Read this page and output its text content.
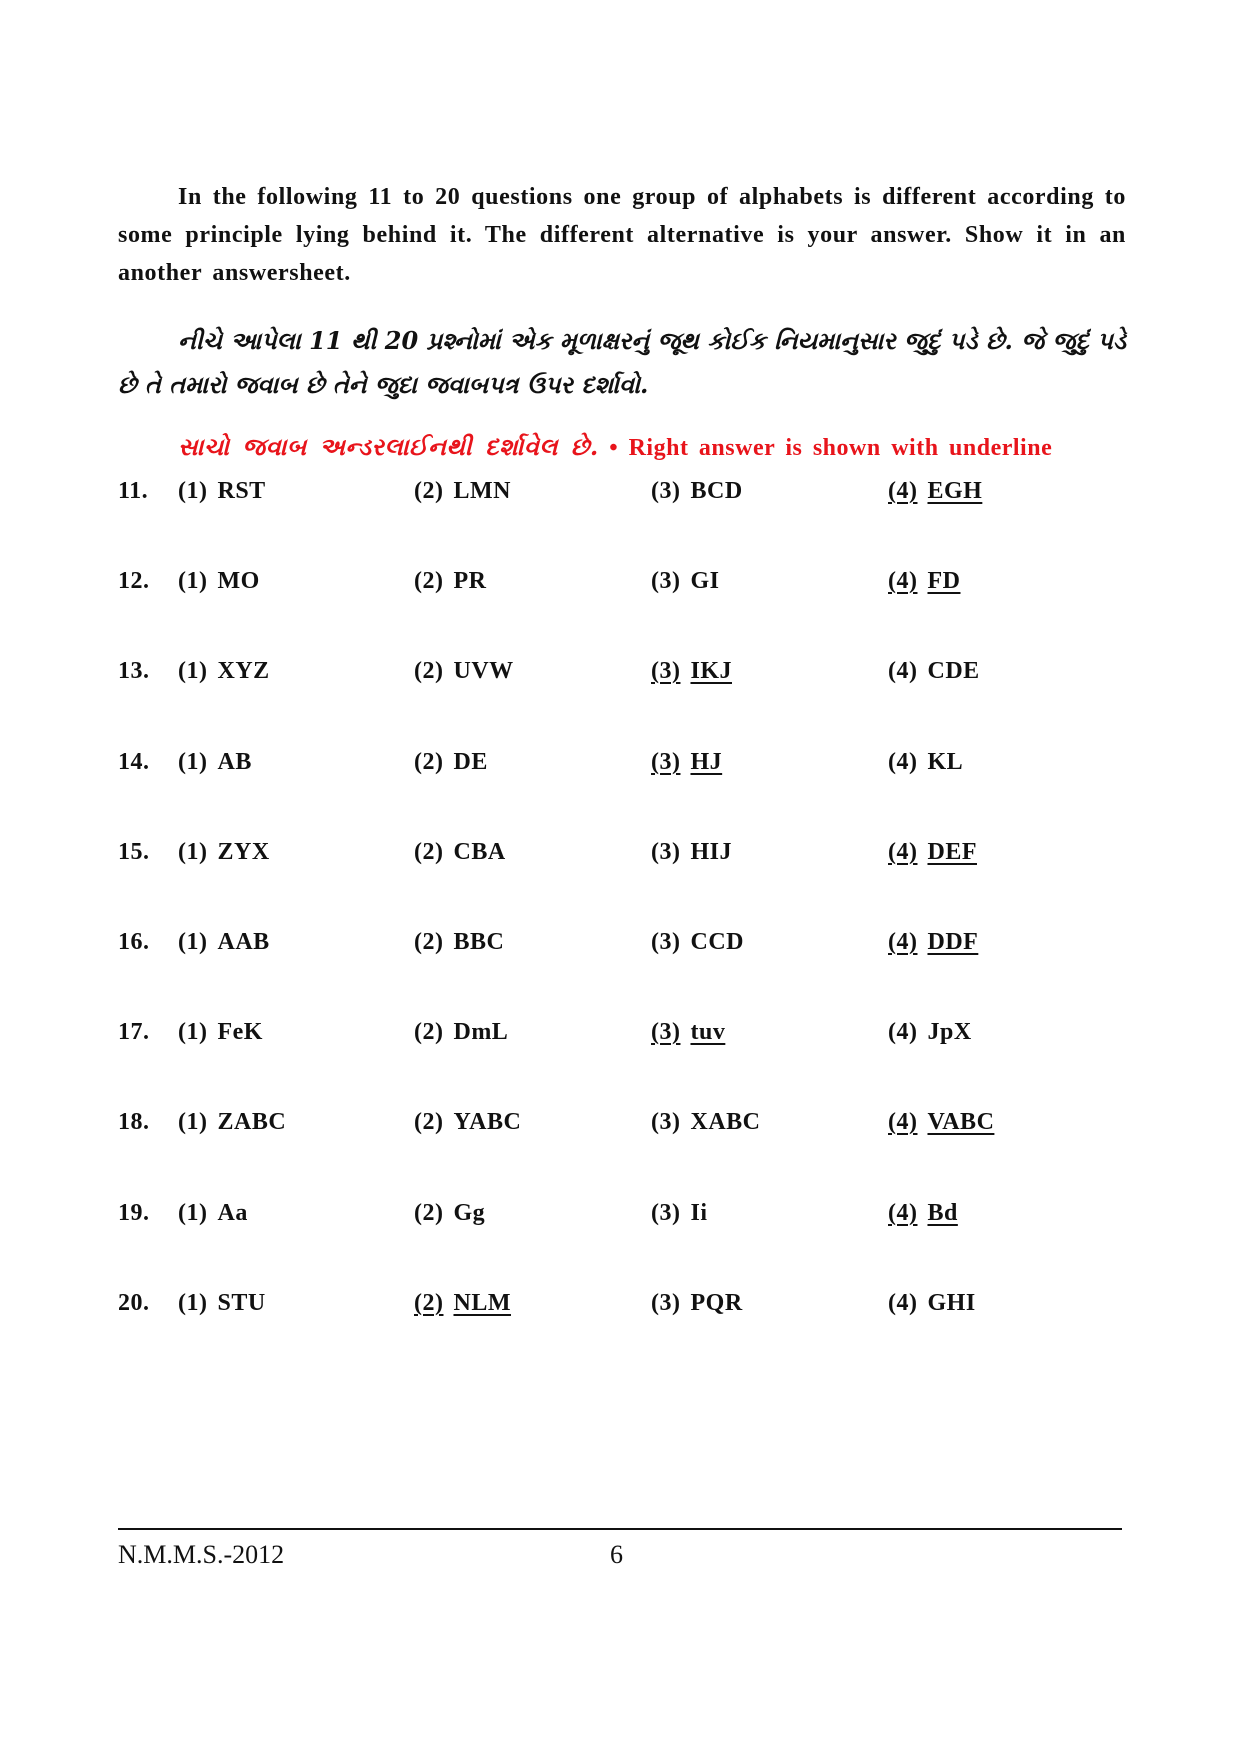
In the following 11 to 20 questions one group of alphabets is different according to some principle lying behind it. The different alternative is your answer. Show it in an another answersheet.

નીચે આપેલા 11 થી 20 પ્રશ્નોમાં એક મૂળાક્ષરનું જૂથ કોઈક નિયમાનુસાર જુદું પડે છે. જે જુદું પડે છે તે તમારો જવાબ છે તેને જુદા જવાબપત્ર ઉપર દર્શાવો.

સાચો જવાબ અન્ડરલાઈનથી દર્શાવેલ છે. • Right answer is shown with underline
11. (1) RST	(2) LMN	(3) BCD	(4) EGH
12. (1) MO	(2) PR	(3) GI	(4) FD
13. (1) XYZ	(2) UVW	(3) IKJ	(4) CDE
14. (1) AB	(2) DE	(3) HJ	(4) KL
15. (1) ZYX	(2) CBA	(3) HIJ	(4) DEF
16. (1) AAB	(2) BBC	(3) CCD	(4) DDF
17. (1) FeK	(2) DmL	(3) tuv	(4) JpX
18. (1) ZABC	(2) YABC	(3) XABC	(4) VABC
19. (1) Aa	(2) Gg	(3) Ii	(4) Bd
20. (1) STU	(2) NLM	(3) PQR	(4) GHI
N.M.M.S.-2012	6
